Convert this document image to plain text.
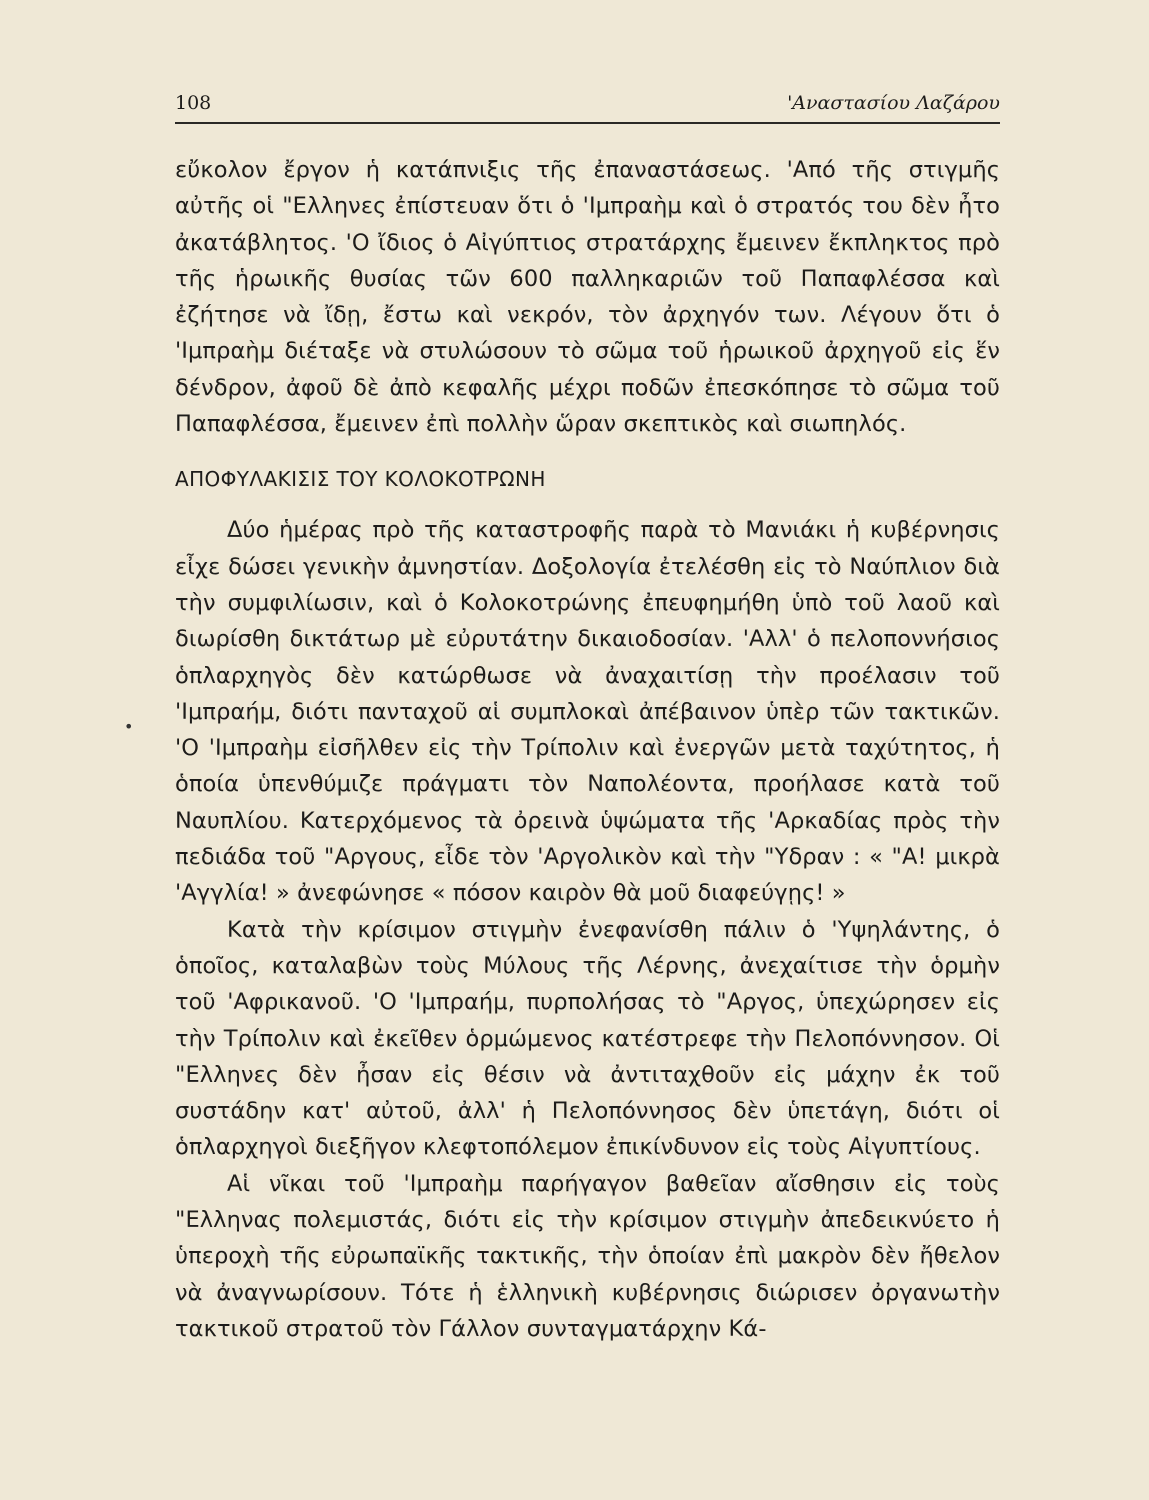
108	'Αναστασίου Λαζάρου
•

εὔκολον ἔργον ἡ κατάπνιξις τῆς ἐπαναστάσεως. 'Από τῆς στιγμῆς αὐτῆς οἱ "Ελληνες ἐπίστευαν ὅτι ὁ 'Ιμπραὴμ καὶ ὁ στρατός του δὲν ἦτο ἀκατάβλητος. 'Ο ἴδιος ὁ Αἰγύπτιος στρατάρχης ἔμεινεν ἔκπληκτος πρὸ τῆς ἡρωικῆς θυσίας τῶν 600 παλληκαριῶν τοῦ Παπαφλέσσα καὶ ἐζήτησε νὰ ἴδῃ, ἔστω καὶ νεκρόν, τὸν ἀρχηγόν των. Λέγουν ὅτι ὁ 'Ιμπραὴμ διέταξε νὰ στυλώσουν τὸ σῶμα τοῦ ἡρωικοῦ ἀρχηγοῦ εἰς ἕν δένδρον, ἀφοῦ δὲ ἀπὸ κεφαλῆς μέχρι ποδῶν ἐπεσκόπησε τὸ σῶμα τοῦ Παπαφλέσσα, ἔμεινεν ἐπὶ πολλὴν ὥραν σκεπτικὸς καὶ σιωπηλός.

ΑΠΟΦΥΛΑΚΙΣΙΣ ΤΟΥ ΚΟΛΟΚΟΤΡΩΝΗ

Δύο ἡμέρας πρὸ τῆς καταστροφῆς παρὰ τὸ Μανιάκι ἡ κυβέρνησις εἶχε δώσει γενικὴν ἀμνηστίαν. Δοξολογία ἐτελέσθη εἰς τὸ Ναύπλιον διὰ τὴν συμφιλίωσιν, καὶ ὁ Κολοκοτρώνης ἐπευφημήθη ὑπὸ τοῦ λαοῦ καὶ διωρίσθη δικτάτωρ μὲ εὐρυτάτην δικαιοδοσίαν. 'Αλλ' ὁ πελοποννήσιος ὁπλαρχηγὸς δὲν κατώρθωσε νὰ ἀναχαιτίσῃ τὴν προέλασιν τοῦ 'Ιμπραήμ, διότι πανταχοῦ αἱ συμπλοκαὶ ἀπέβαινον ὑπὲρ τῶν τακτικῶν. 'Ο 'Ιμπραὴμ εἰσῆλθεν εἰς τὴν Τρίπολιν καὶ ἐνεργῶν μετὰ ταχύτητος, ἡ ὁποία ὑπενθύμιζε πράγματι τὸν Ναπολέοντα, προήλασε κατὰ τοῦ Ναυπλίου. Κατερχόμενος τὰ ὀρεινὰ ὑψώματα τῆς 'Αρκαδίας πρὸς τὴν πεδιάδα τοῦ "Αργους, εἶδε τὸν 'Αργολικὸν καὶ τὴν "Υδραν : « "Α! μικρὰ 'Αγγλία! » ἀνεφώνησε « πόσον καιρὸν θὰ μοῦ διαφεύγῃς! »

Κατὰ τὴν κρίσιμον στιγμὴν ἐνεφανίσθη πάλιν ὁ 'Υψηλάντης, ὁ ὁποῖος, καταλαβὼν τοὺς Μύλους τῆς Λέρνης, ἀνεχαίτισε τὴν ὁρμὴν τοῦ 'Αφρικανοῦ. 'Ο 'Ιμπραήμ, πυρπολήσας τὸ "Αργος, ὑπεχώρησεν εἰς τὴν Τρίπολιν καὶ ἐκεῖθεν ὁρμώμενος κατέστρεφε τὴν Πελοπόννησον. Οἱ "Ελληνες δὲν ἦσαν εἰς θέσιν νὰ ἀντιταχθοῦν εἰς μάχην ἐκ τοῦ συστάδην κατ' αὐτοῦ, ἀλλ' ἡ Πελοπόννησος δὲν ὑπετάγη, διότι οἱ ὁπλαρχηγοὶ διεξῆγον κλεφτοπόλεμον ἐπικίνδυνον εἰς τοὺς Αἰγυπτίους.

Αἱ νῖκαι τοῦ 'Ιμπραὴμ παρήγαγον βαθεῖαν αἴσθησιν εἰς τοὺς "Ελληνας πολεμιστάς, διότι εἰς τὴν κρίσιμον στιγμὴν ἀπεδεικνύετο ἡ ὑπεροχὴ τῆς εὐρωπαϊκῆς τακτικῆς, τὴν ὁποίαν ἐπὶ μακρὸν δὲν ἤθελον νὰ ἀναγνωρίσουν. Τότε ἡ ἑλληνικὴ κυβέρνησις διώρισεν ὀργανωτὴν τακτικοῦ στρατοῦ τὸν Γάλλον συνταγματάρχην Κά-
